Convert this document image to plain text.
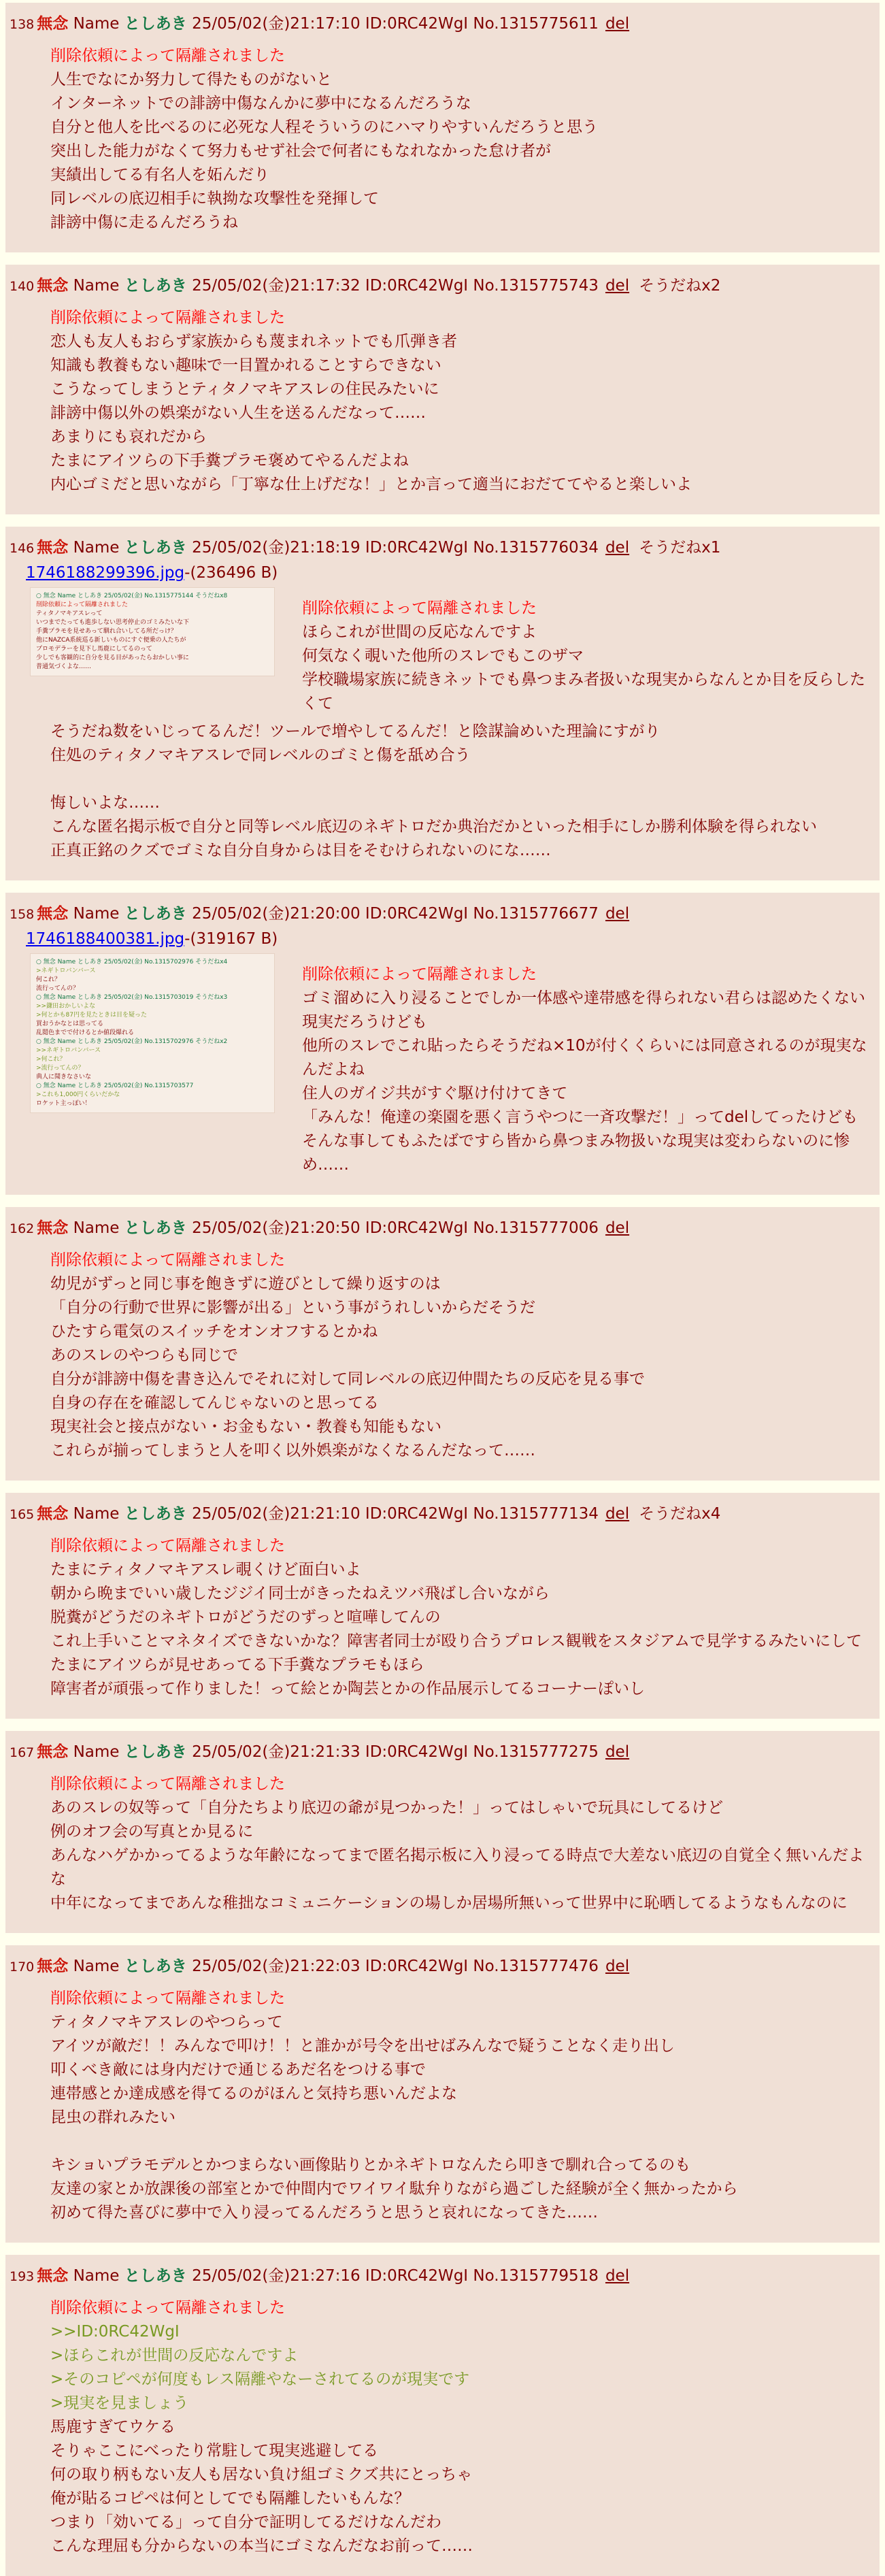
138 無念 Name としあき 25/05/02(金)21:17:10 ID:0RC42WgI No.1315775611 del
削除依頼によって隔離されました
人生でなにか努力して得たものがないと
インターネットでの誹謗中傷なんかに夢中になるんだろうな
自分と他人を比べるのに必死な人程そういうのにハマりやすいんだろうと思う
突出した能力がなくて努力もせず社会で何者にもなれなかった怠け者が
実績出してる有名人を妬んだり
同レベルの底辺相手に執拗な攻撃性を発揮して
誹謗中傷に走るんだろうね
140 無念 Name としあき 25/05/02(金)21:17:32 ID:0RC42WgI No.1315775743 del そうだねx2
削除依頼によって隔離されました
恋人も友人もおらず家族からも蔑まれネットでも爪弾き者
知識も教養もない趣味で一目置かれることすらできない
こうなってしまうとティタノマキアスレの住民みたいに
誹謗中傷以外の娯楽がない人生を送るんだなって……
あまりにも哀れだから
たまにアイツらの下手糞プラモ褒めてやるんだよね
内心ゴミだと思いながら「丁寧な仕上げだな！」とか言って適当におだててやると楽しいよ
146 無念 Name としあき 25/05/02(金)21:18:19 ID:0RC42WgI No.1315776034 del そうだねx1
1746188299396.jpg-(236496 B)
○ 無念 Name としあき 25/05/02(金) No.1315775144 そうだねx8
削除依頼によって隔離されました
ティタノマキアスレって
いつまでたっても進歩しない思考停止のゴミみたいな下
手糞プラモを見せあって馴れ合いしてる所だっけ？
他にNAZCA系統巡る新しいものにすぐ便乗の人たちが
プロモデラーを見下し馬鹿にしてるのって
少しでも客観的に自分を見る目があったらおかしい事に
普通気づくよな……
削除依頼によって隔離されました
ほらこれが世間の反応なんですよ
何気なく覗いた他所のスレでもこのザマ
学校職場家族に続きネットでも鼻つまみ者扱いな現実からなんとか目を反らしたくて
そうだね数をいじってるんだ！ツールで増やしてるんだ！と陰謀論めいた理論にすがり
住処のティタノマキアスレで同レベルのゴミと傷を舐め合う
悔しいよな……
こんな匿名掲示板で自分と同等レベル底辺のネギトロだか典治だかといった相手にしか勝利体験を得られない
正真正銘のクズでゴミな自分自身からは目をそむけられないのにな……
158 無念 Name としあき 25/05/02(金)21:20:00 ID:0RC42WgI No.1315776677 del
1746188400381.jpg-(319167 B)
○ 無念 Name としあき 25/05/02(金) No.1315702976 そうだねx4
>ネギトロバンバース
何これ？
流行ってんの？
○ 無念 Name としあき 25/05/02(金) No.1315703019 そうだねx3
>>鎌田おかしいよな
>何とかも87円を見たときは目を疑った
買おうかなとは思ってる
乱閲色までで付けるとか値段爆れる
○ 無念 Name としあき 25/05/02(金) No.1315702976 そうだねx2
>>ネギトロバンバース
>何これ？
>流行ってんの？
典人に聞きなさいな
○ 無念 Name としあき 25/05/02(金) No.1315703577
>これも1,000円くらいだかな
ロケット主っぽい！
削除依頼によって隔離されました
ゴミ溜めに入り浸ることでしか一体感や達帯感を得られない君らは認めたくない現実だろうけども
他所のスレでこれ貼ったらそうだね×10が付くくらいには同意されるのが現実なんだよね
住人のガイジ共がすぐ駆け付けてきて
「みんな！俺達の楽園を悪く言うやつに一斉攻撃だ！」ってdelしてったけども
そんな事してもふたばですら皆から鼻つまみ物扱いな現実は変わらないのに惨め……
162 無念 Name としあき 25/05/02(金)21:20:50 ID:0RC42WgI No.1315777006 del
削除依頼によって隔離されました
幼児がずっと同じ事を飽きずに遊びとして繰り返すのは
「自分の行動で世界に影響が出る」という事がうれしいからだそうだ
ひたすら電気のスイッチをオンオフするとかね
あのスレのやつらも同じで
自分が誹謗中傷を書き込んでそれに対して同レベルの底辺仲間たちの反応を見る事で
自身の存在を確認してんじゃないのと思ってる
現実社会と接点がない・お金もない・教養も知能もない
これらが揃ってしまうと人を叩く以外娯楽がなくなるんだなって……
165 無念 Name としあき 25/05/02(金)21:21:10 ID:0RC42WgI No.1315777134 del そうだねx4
削除依頼によって隔離されました
たまにティタノマキアスレ覗くけど面白いよ
朝から晩までいい歳したジジイ同士がきったねえツバ飛ばし合いながら
脱糞がどうだのネギトロがどうだのずっと喧嘩してんの
これ上手いことマネタイズできないかな？障害者同士が殴り合うプロレス観戦をスタジアムで見学するみたいにして
たまにアイツらが見せあってる下手糞なプラモもほら
障害者が頑張って作りました！って絵とか陶芸とかの作品展示してるコーナーぽいし
167 無念 Name としあき 25/05/02(金)21:21:33 ID:0RC42WgI No.1315777275 del
削除依頼によって隔離されました
あのスレの奴等って「自分たちより底辺の爺が見つかった！」ってはしゃいで玩具にしてるけど
例のオフ会の写真とか見るに
あんなハゲかかってるような年齢になってまで匿名掲示板に入り浸ってる時点で大差ない底辺の自覚全く無いんだよな
中年になってまであんな稚拙なコミュニケーションの場しか居場所無いって世界中に恥晒してるようなもんなのに
170 無念 Name としあき 25/05/02(金)21:22:03 ID:0RC42WgI No.1315777476 del
削除依頼によって隔離されました
ティタノマキアスレのやつらって
アイツが敵だ！！みんなで叩け！！と誰かが号令を出せばみんなで疑うことなく走り出し
叩くべき敵には身内だけで通じるあだ名をつける事で
連帯感とか達成感を得てるのがほんと気持ち悪いんだよな
昆虫の群れみたい
キショいプラモデルとかつまらない画像貼りとかネギトロなんたら叩きで馴れ合ってるのも
友達の家とか放課後の部室とかで仲間内でワイワイ駄弁りながら過ごした経験が全く無かったから
初めて得た喜びに夢中で入り浸ってるんだろうと思うと哀れになってきた……
193 無念 Name としあき 25/05/02(金)21:27:16 ID:0RC42WgI No.1315779518 del
削除依頼によって隔離されました
>>ID:0RC42WgI
>ほらこれが世間の反応なんですよ
>そのコピペが何度もレス隔離やなーされてるのが現実です
>現実を見ましょう
馬鹿すぎてウケる
そりゃここにべったり常駐して現実逃避してる
何の取り柄もない友人も居ない負け組ゴミクズ共にとっちゃ
俺が貼るコピペは何としてでも隔離したいもんな？
つまり「効いてる」って自分で証明してるだけなんだわ
こんな理屈も分からないの本当にゴミなんだなお前って……
